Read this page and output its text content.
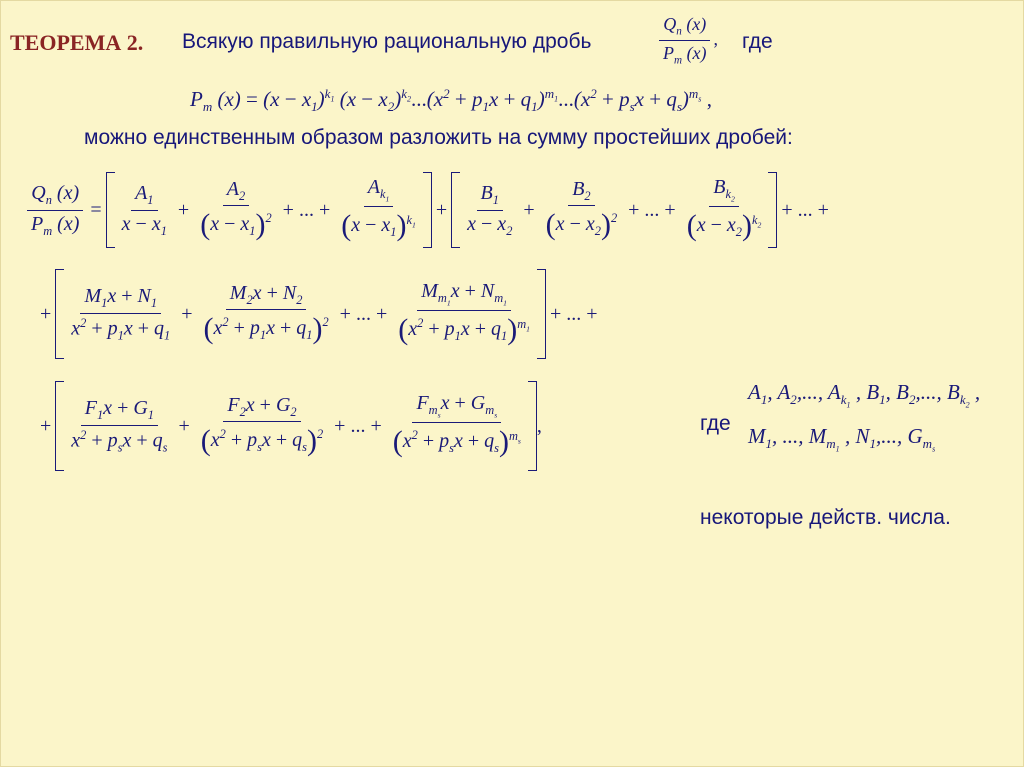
ТЕОРЕМА 2. Всякую правильную рациональную дробь	$\frac{Q_n (x)}{P_m (x)}$ , где
$P_m$ $(x) = (x - x_1)^{k_1}$ $(x - x_2)^{k_2}...(x^2 + p_1x + q_1)^{m_1}...(x^2 + p_sx + q_s)^{m_s}$ ,
можно единственным образом разложить на сумму простейших дробей:
$\frac{Q_n (x)}{P_m (x)} = \frac{A_1}{x - x_1} + \frac{A_2}{(x - x_1)^2}$ + ... + $\frac{A_{k_1}}{(x - x_1)^{k_1}} + \frac{B_1}{x - x_2} + \frac{B_2}{(x - x_2)^2}$ + ... + $\frac{B_{k_2}}{(x - x_2)^{k_2}}$ + ... +
+ $\frac{M_1x + N_1}{x^2 + p_1x + q_1} + \frac{M_2x + N_2}{(x^2 + p_1x + q_1)^2}$ + ... + $\frac{M_{m_1}x + N_{m_1}}{(x^2 + p_1x + q_1)^{m_1}}$ + ... +
+ $\frac{F_1x + G_1}{x^2 + p_sx + q_s} + \frac{F_2x + G_2}{(x^2 + p_sx + q_s)^2}$ + ... + $\frac{F_{m_s}x + G_{m_s}}{(x^2 + p_sx + q_s)^{m_s}}$ ,	где
$A_1$, $A_2$,..., $A_{k_1}$ , $B_1$, $B_2$,..., $B_{k_2}$ ,
$M_1$, ..., $M_{m_1}$ , $N_1$,..., $G_{m_s}$
некоторые действ. числа.
